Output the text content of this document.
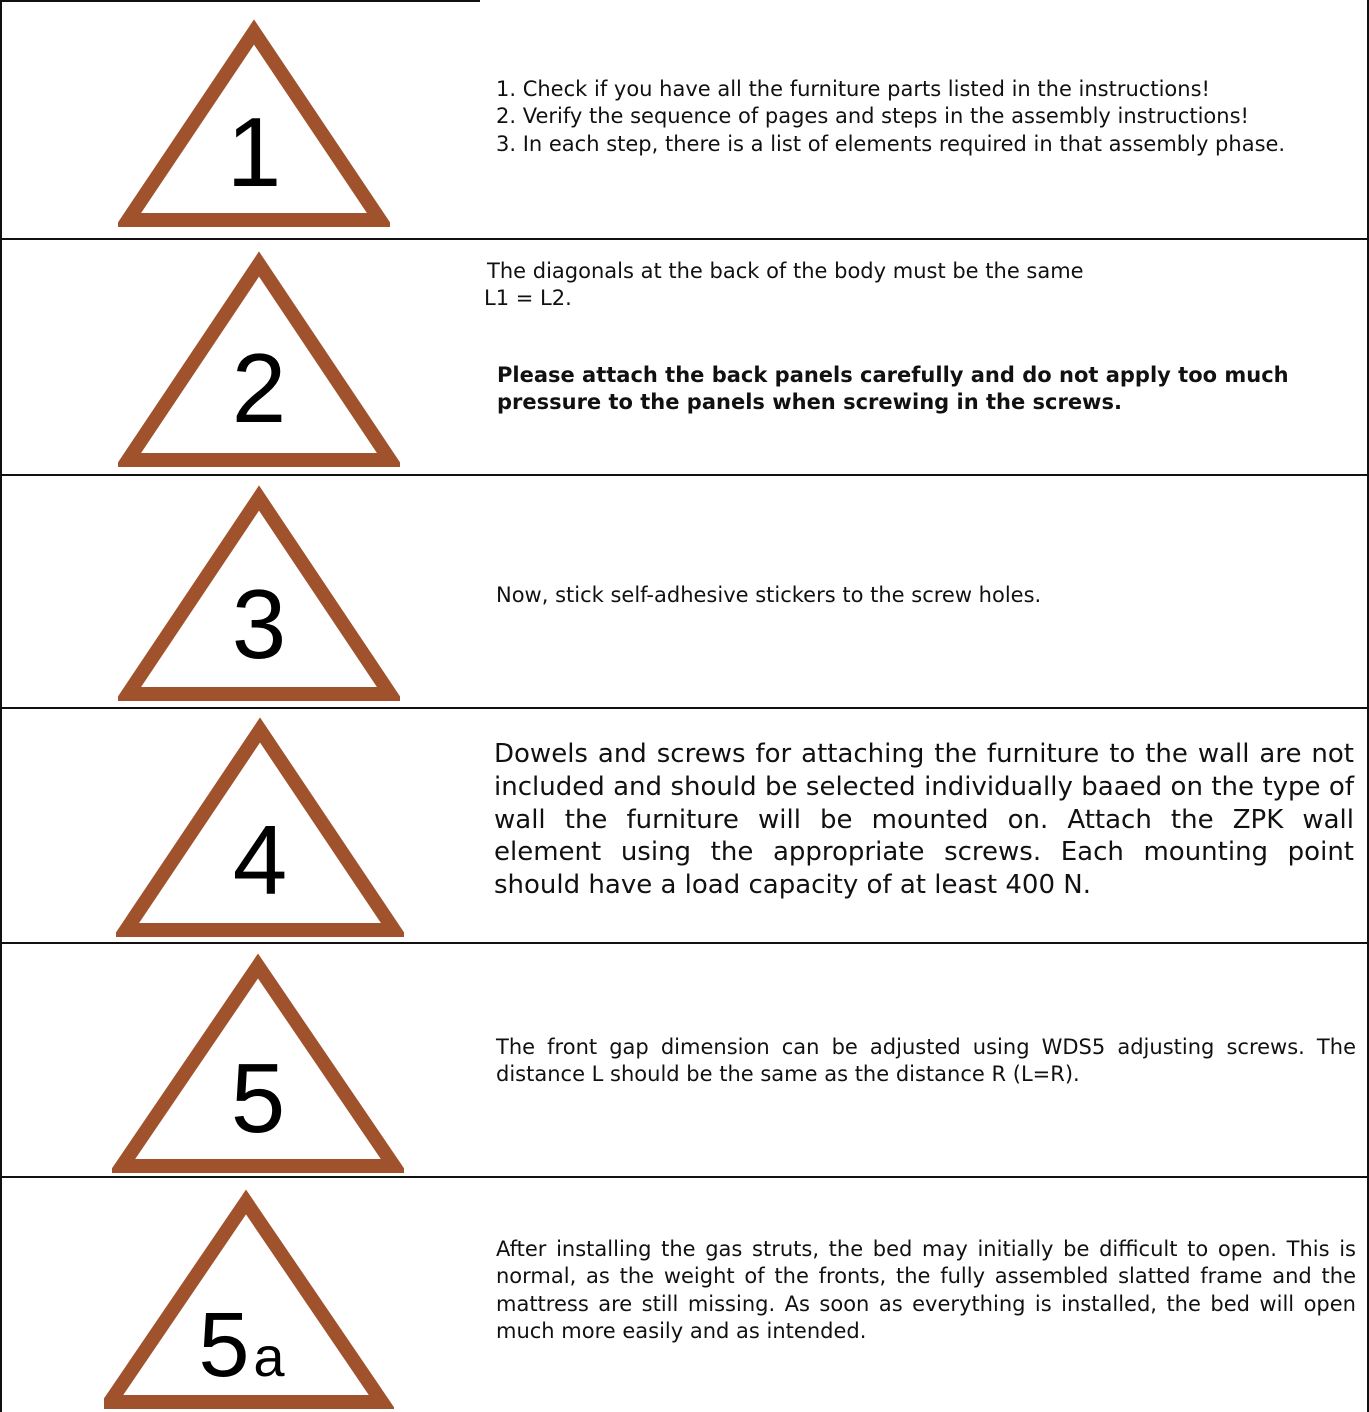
1

1. Check if you have all the furniture parts listed in the instructions!

2. Verify the sequence of pages and steps in the assembly instructions!

3. In each step, there is a list of elements required in that assembly phase.

2

The diagonals at the back of the body must be the same

L1 = L2.

Please attach the back panels carefully and do not apply too much pressure to the panels when screwing in the screws.
3	Now, stick self-adhesive stickers to the screw holes.
4
Dowels and screws for attaching the furniture to the wall are not included and should be selected individually baaed on the type of wall the furniture will be mounted on. Attach the ZPK wall element using the appropriate screws. Each mounting point should have a load capacity of at least 400 N.
5	The front gap dimension can be adjusted using WDS5 adjusting screws. The distance L should be the same as the distance R (L=R).
5 a
After installing the gas struts, the bed may initially be difficult to open. This is normal, as the weight of the fronts, the fully assembled slatted frame and the mattress are still missing. As soon as everything is installed, the bed will open much more easily and as intended.
